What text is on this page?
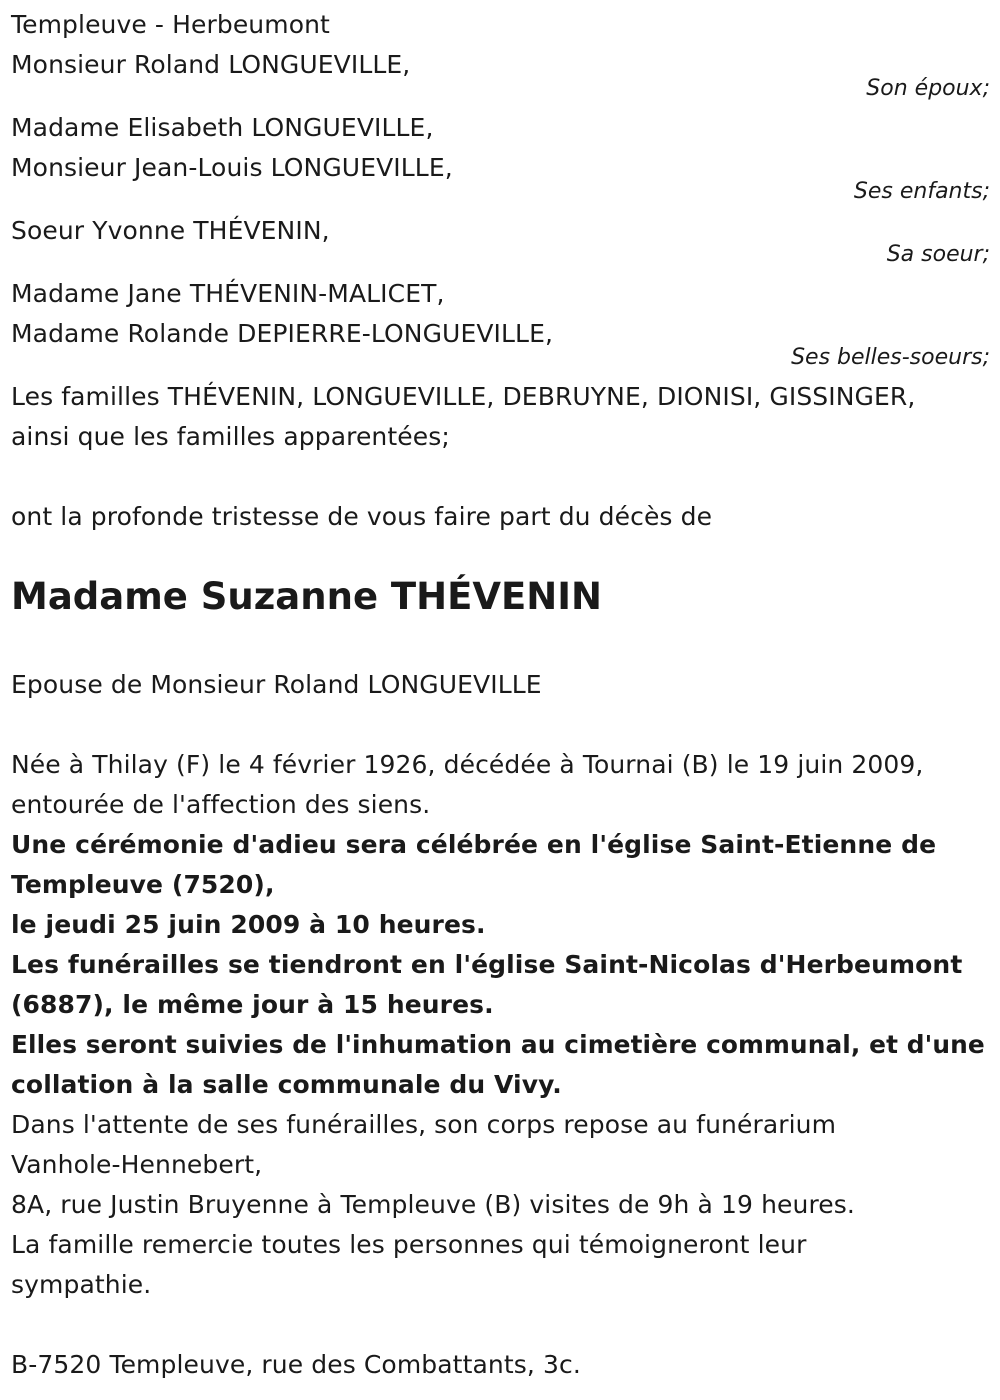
Templeuve - Herbeumont
Monsieur Roland LONGUEVILLE,
Son époux;
Madame Elisabeth LONGUEVILLE,
Monsieur Jean-Louis LONGUEVILLE,
Ses enfants;
Soeur Yvonne THÉVENIN,
Sa soeur;
Madame Jane THÉVENIN-MALICET,
Madame Rolande DEPIERRE-LONGUEVILLE,
Ses belles-soeurs;
Les familles THÉVENIN, LONGUEVILLE, DEBRUYNE, DIONISI, GISSINGER,
ainsi que les familles apparentées;
ont la profonde tristesse de vous faire part du décès de
Madame Suzanne THÉVENIN
Epouse de Monsieur Roland LONGUEVILLE
Née à Thilay (F) le 4 février 1926, décédée à Tournai (B) le 19 juin 2009,
entourée de l'affection des siens.
Une cérémonie d'adieu sera célébrée en l'église Saint-Etienne de
Templeuve (7520),
le jeudi 25 juin 2009 à 10 heures.
Les funérailles se tiendront en l'église Saint-Nicolas d'Herbeumont
(6887), le même jour à 15 heures.
Elles seront suivies de l'inhumation au cimetière communal, et d'une
collation à la salle communale du Vivy.
Dans l'attente de ses funérailles, son corps repose au funérarium
Vanhole-Hennebert,
8A, rue Justin Bruyenne à Templeuve (B) visites de 9h à 19 heures.
La famille remercie toutes les personnes qui témoigneront leur
sympathie.
B-7520 Templeuve, rue des Combattants, 3c.
